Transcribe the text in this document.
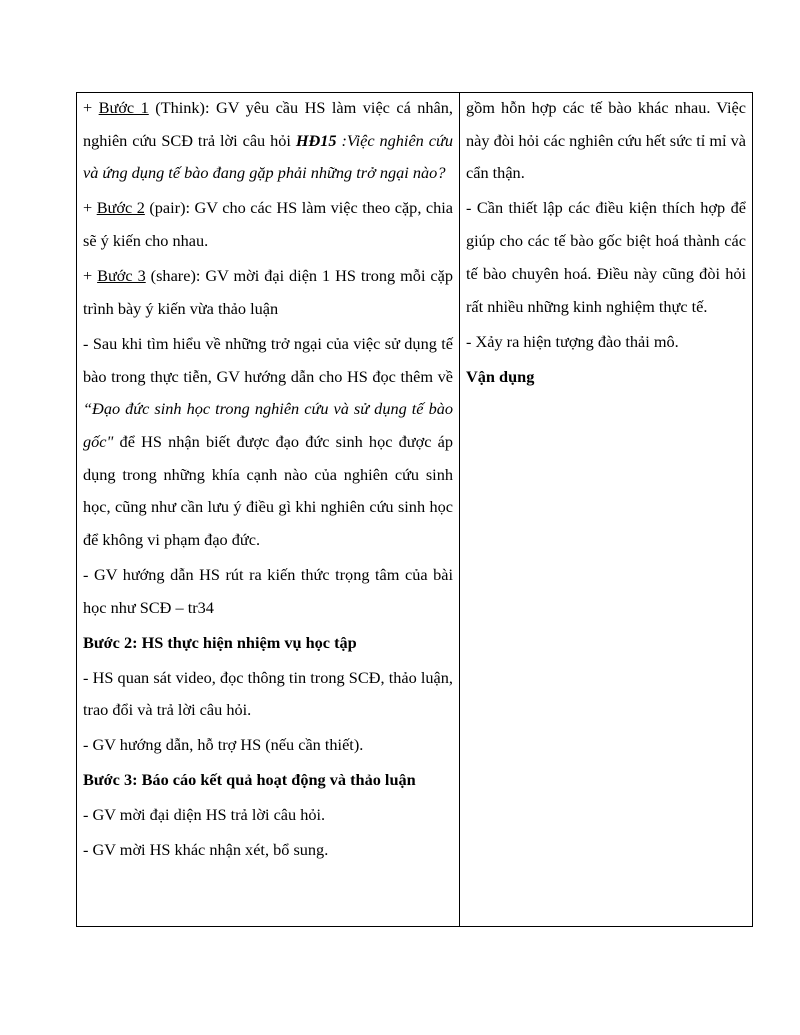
+ Bước 1 (Think): GV yêu cầu HS làm việc cá nhân, nghiên cứu SCĐ trả lời câu hỏi HĐ15 :Việc nghiên cứu và ứng dụng tế bào đang gặp phải những trở ngại nào?

+ Bước 2 (pair): GV cho các HS làm việc theo cặp, chia sẽ ý kiến cho nhau.

+ Bước 3 (share): GV mời đại diện 1 HS trong mỗi cặp trình bày ý kiến vừa thảo luận

- Sau khi tìm hiểu về những trở ngại của việc sử dụng tế bào trong thực tiễn, GV hướng dẫn cho HS đọc thêm về “Đạo đức sinh học trong nghiên cứu và sử dụng tế bào gốc" để HS nhận biết được đạo đức sinh học được áp dụng trong những khía cạnh nào của nghiên cứu sinh học, cũng như cần lưu ý điều gì khi nghiên cứu sinh học để không vi phạm đạo đức.

- GV hướng dẫn HS rút ra kiến thức trọng tâm của bài học như SCĐ – tr34

Bước 2: HS thực hiện nhiệm vụ học tập

- HS quan sát video, đọc thông tin trong SCĐ, thảo luận, trao đổi và trả lời câu hỏi.

- GV hướng dẫn, hỗ trợ HS (nếu cần thiết).

Bước 3: Báo cáo kết quả hoạt động và thảo luận

- GV mời đại diện HS trả lời câu hỏi.

- GV mời HS khác nhận xét, bổ sung.

gồm hỗn hợp các tế bào khác nhau. Việc này đòi hỏi các nghiên cứu hết sức tỉ mỉ và cẩn thận.

- Cần thiết lập các điều kiện thích hợp để giúp cho các tế bào gốc biệt hoá thành các tế bào chuyên hoá. Điều này cũng đòi hỏi rất nhiều những kinh nghiệm thực tế.

- Xảy ra hiện tượng đào thải mô.

Vận dụng
